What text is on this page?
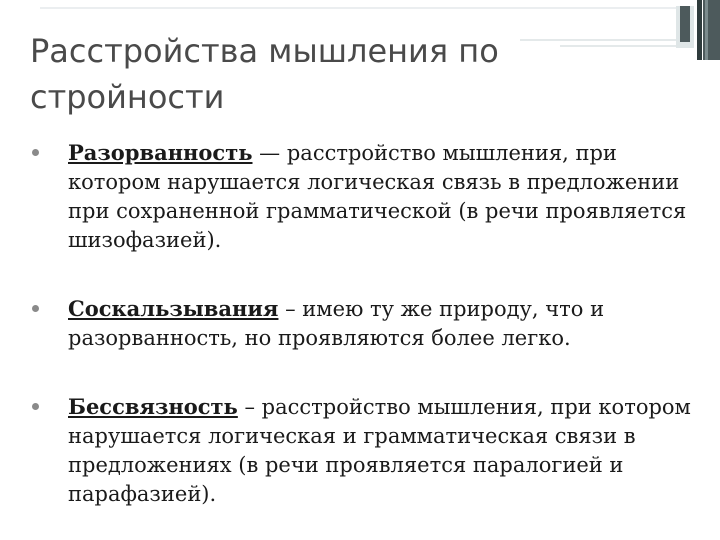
Расстройства мышления по стройности
Разорванность — расстройство мышления, при котором нарушается логическая связь в предложении при сохраненной грамматической (в речи проявляется шизофазией).
Соскальзывания – имею ту же природу, что и разорванность, но проявляются более легко.
Бессвязность – расстройство мышления, при котором нарушается логическая и грамматическая связи в предложениях (в речи проявляется паралогией и парафазией).
